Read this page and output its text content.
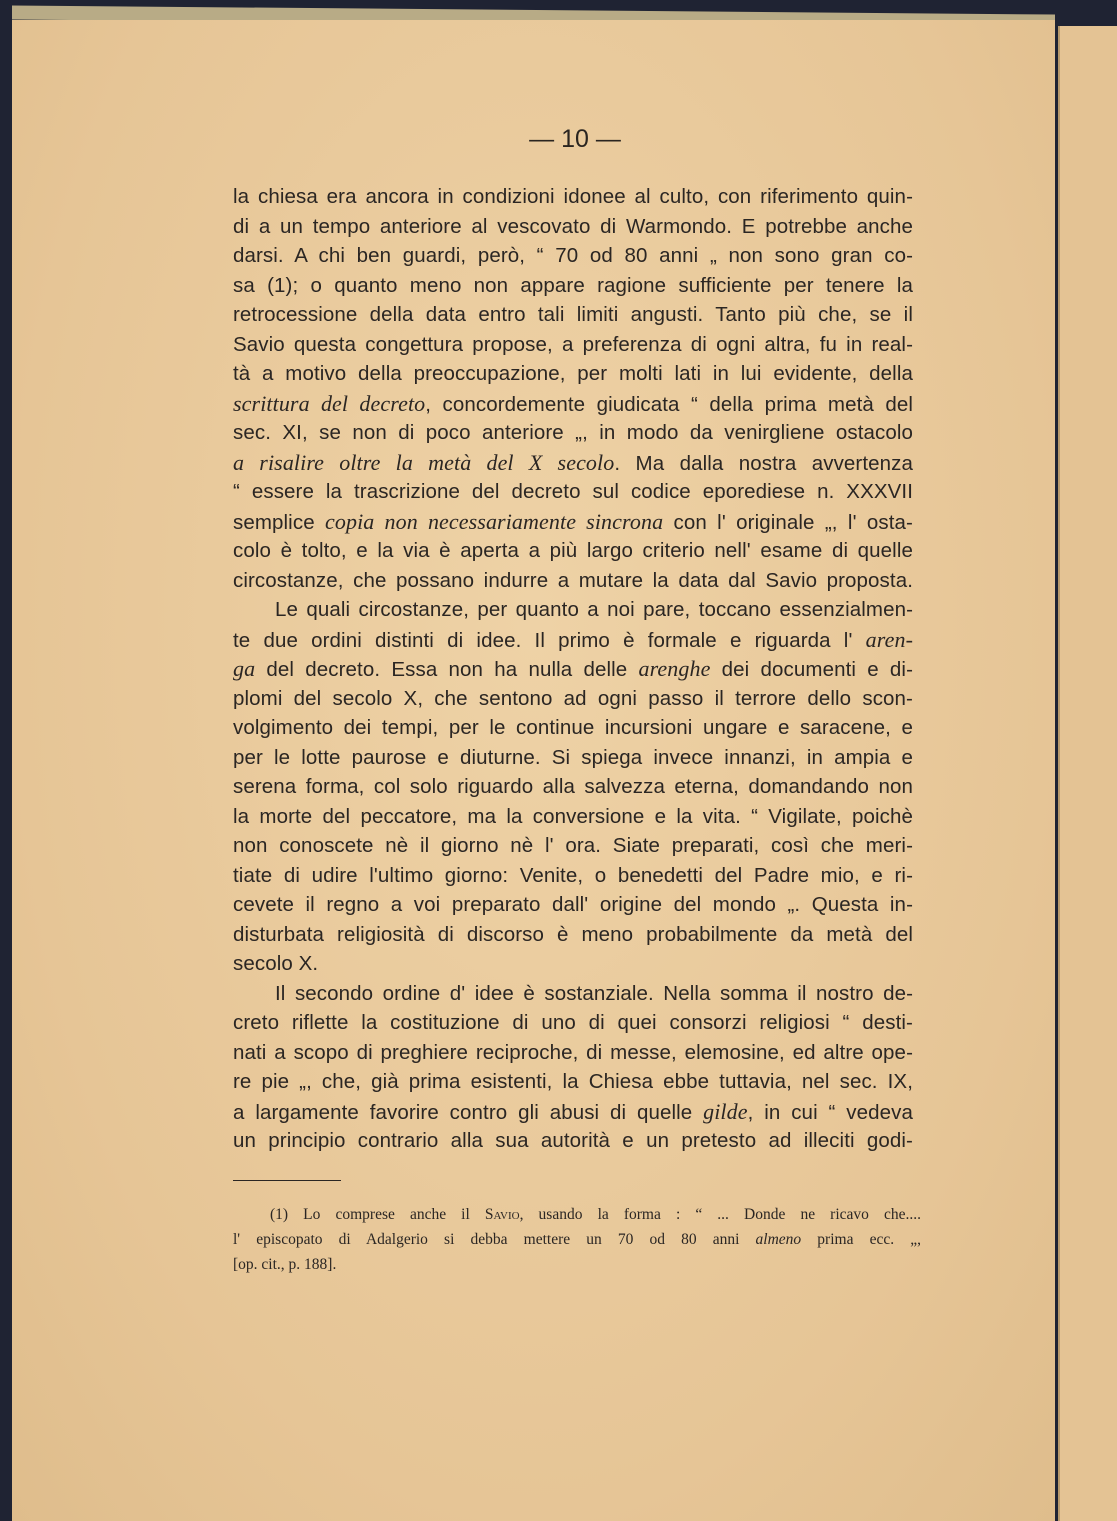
— 10 —
la chiesa era ancora in condizioni idonee al culto, con riferimento quin-
di a un tempo anteriore al vescovato di Warmondo. E potrebbe anche
darsi. A chi ben guardi, però, “ 70 od 80 anni „ non sono gran co-
sa (1); o quanto meno non appare ragione sufficiente per tenere la
retrocessione della data entro tali limiti angusti. Tanto più che, se il
Savio questa congettura propose, a preferenza di ogni altra, fu in real-
tà a motivo della preoccupazione, per molti lati in lui evidente, della
scrittura del decreto, concordemente giudicata “ della prima metà del
sec. XI, se non di poco anteriore „, in modo da venirgliene ostacolo
a risalire oltre la metà del X secolo. Ma dalla nostra avvertenza
“ essere la trascrizione del decreto sul codice eporediese n. XXXVII
semplice copia non necessariamente sincrona con l' originale „, l' osta-
colo è tolto, e la via è aperta a più largo criterio nell' esame di quelle
circostanze, che possano indurre a mutare la data dal Savio proposta.
Le quali circostanze, per quanto a noi pare, toccano essenzialmen-
te due ordini distinti di idee. Il primo è formale e riguarda l' aren-
ga del decreto. Essa non ha nulla delle arenghe dei documenti e di-
plomi del secolo X, che sentono ad ogni passo il terrore dello scon-
volgimento dei tempi, per le continue incursioni ungare e saracene, e
per le lotte paurose e diuturne. Si spiega invece innanzi, in ampia e
serena forma, col solo riguardo alla salvezza eterna, domandando non
la morte del peccatore, ma la conversione e la vita. “ Vigilate, poichè
non conoscete nè il giorno nè l' ora. Siate preparati, così che meri-
tiate di udire l'ultimo giorno: Venite, o benedetti del Padre mio, e ri-
cevete il regno a voi preparato dall' origine del mondo „. Questa in-
disturbata religiosità di discorso è meno probabilmente da metà del
secolo X.
Il secondo ordine d' idee è sostanziale. Nella somma il nostro de-
creto riflette la costituzione di uno di quei consorzi religiosi “ desti-
nati a scopo di preghiere reciproche, di messe, elemosine, ed altre ope-
re pie „, che, già prima esistenti, la Chiesa ebbe tuttavia, nel sec. IX,
a largamente favorire contro gli abusi di quelle gilde, in cui “ vedeva
un principio contrario alla sua autorità e un pretesto ad illeciti godi-
(1) Lo comprese anche il Savio, usando la forma : “ ... Donde ne ricavo che....
l' episcopato di Adalgerio si debba mettere un 70 od 80 anni almeno prima ecc. „,
[op. cit., p. 188].
